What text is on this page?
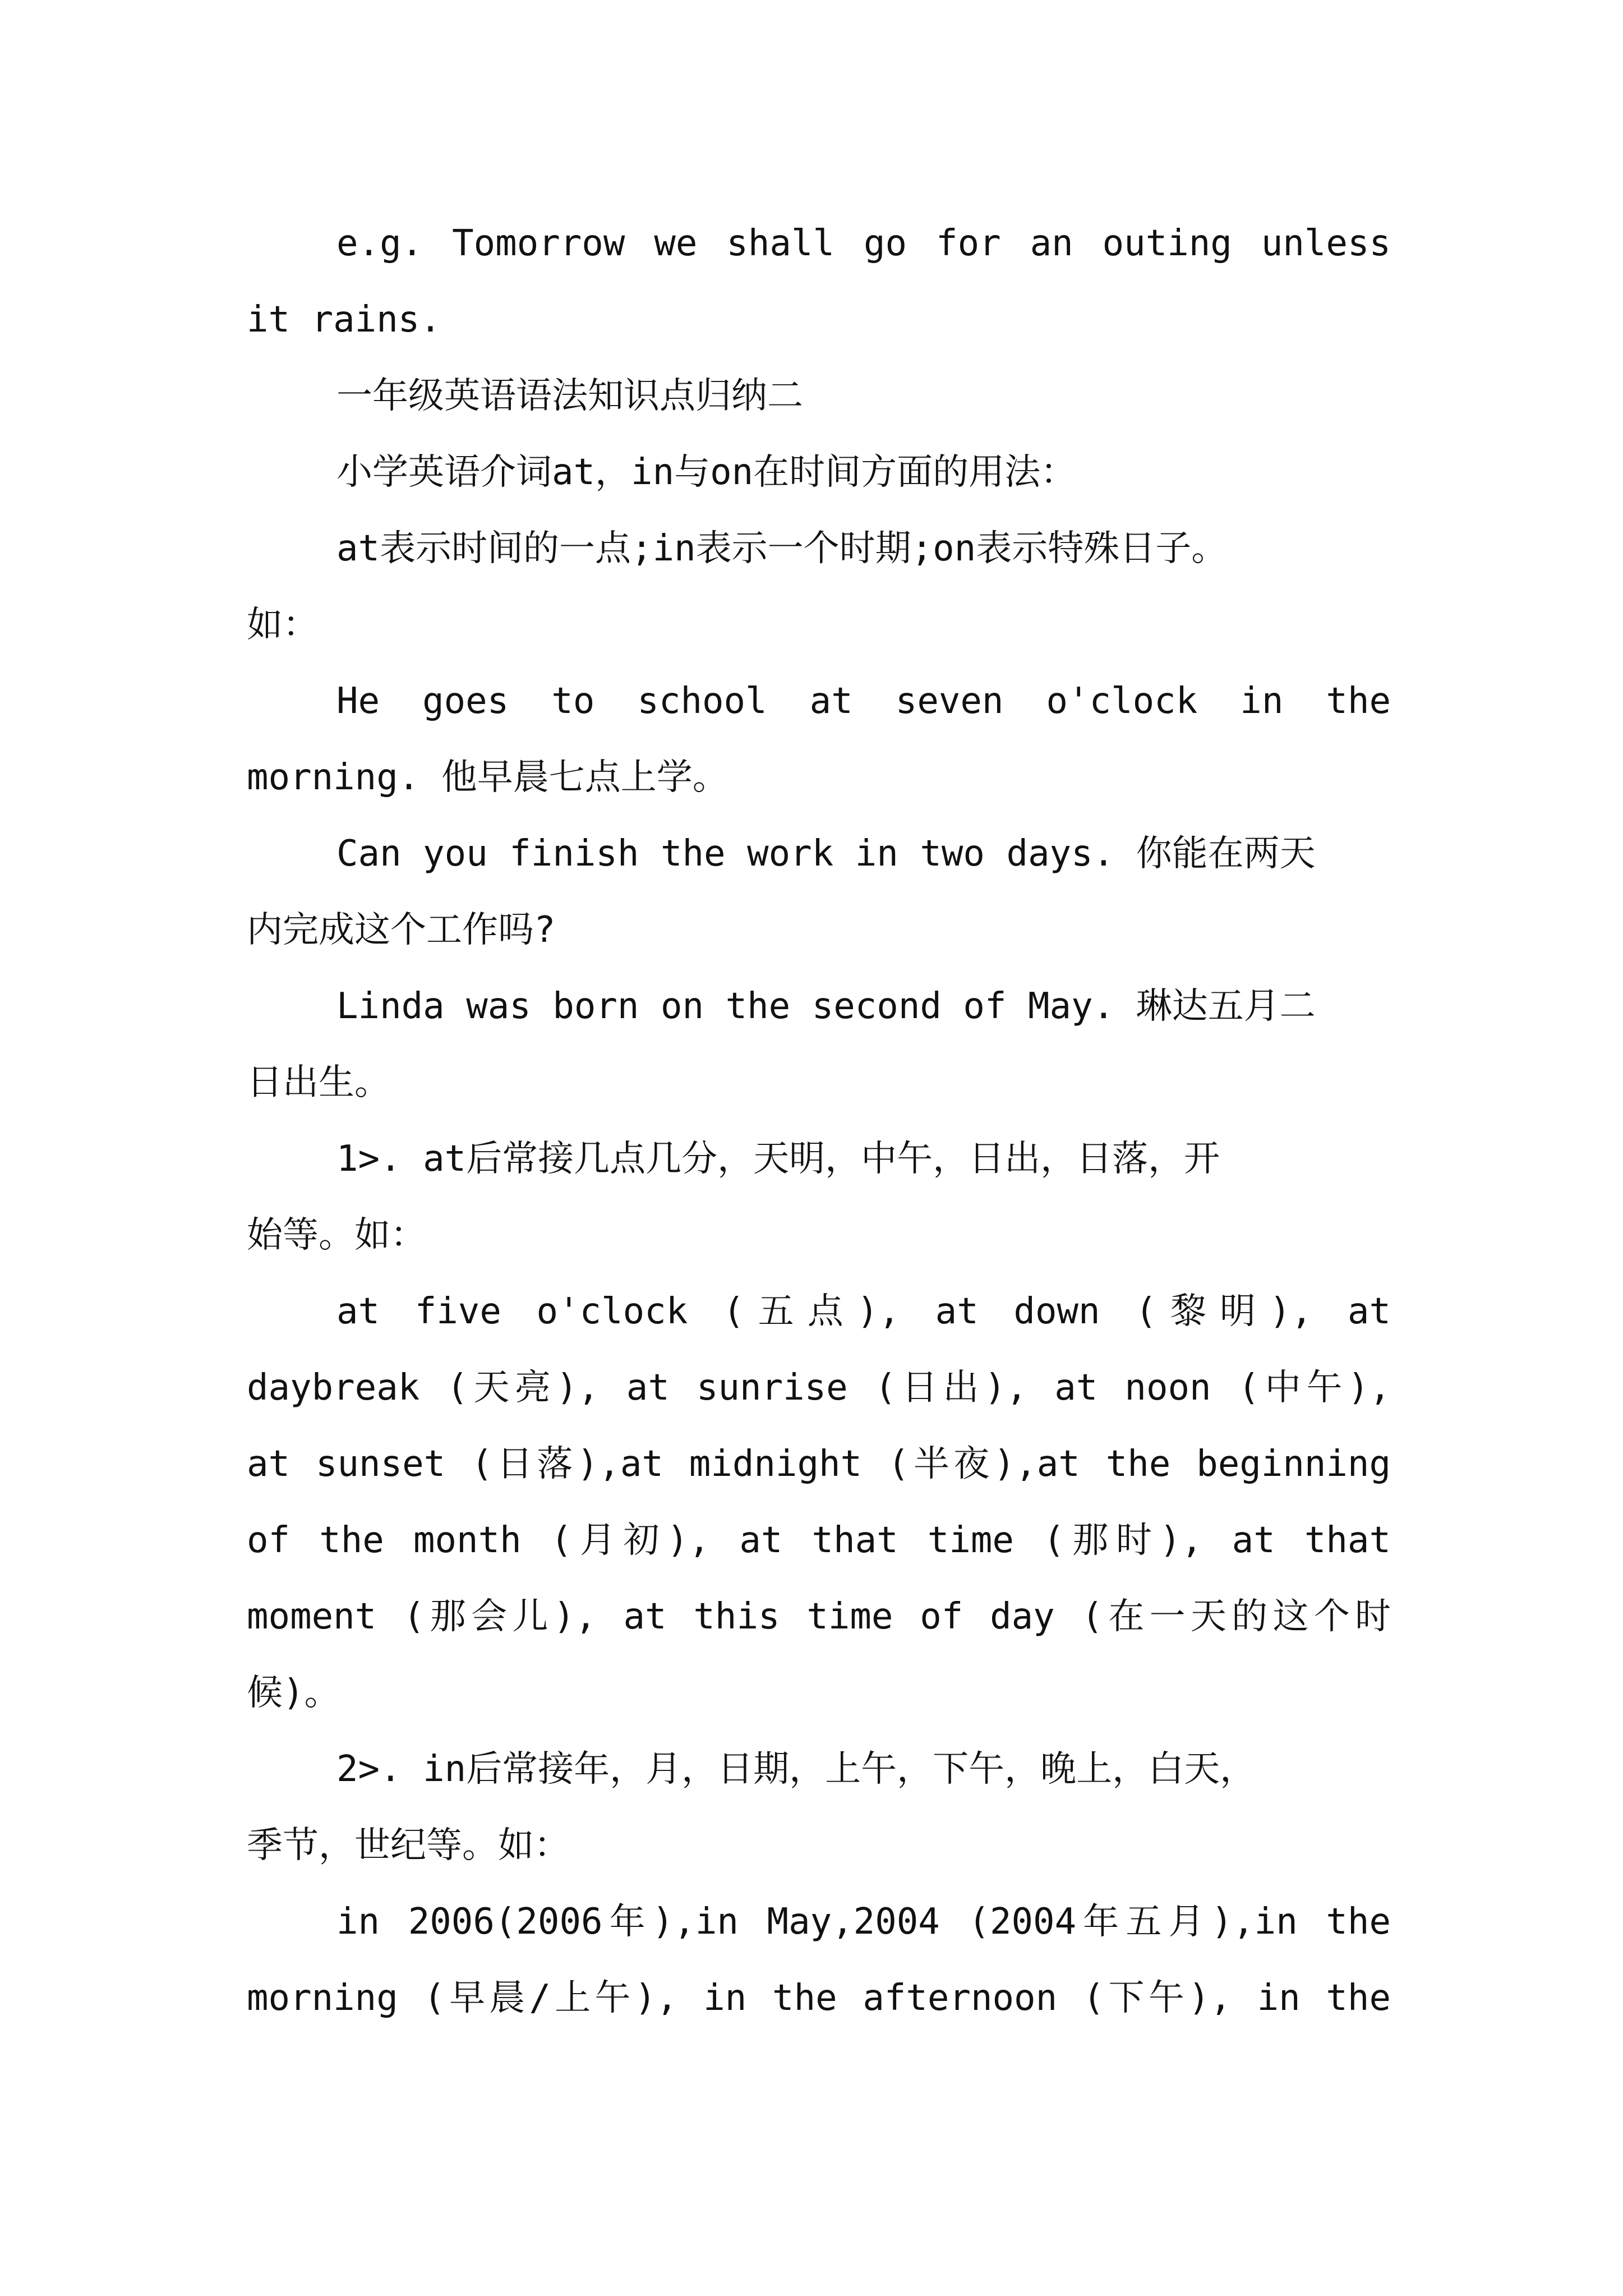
e.g. Tomorrow we shall go for an outing unless

it rains.

一年级英语语法知识点归纳二

小学英语介词at，in与on在时间方面的用法：

at表示时间的一点;in表示一个时期;on表示特殊日子。

如：

He goes to school at seven o'clock in the

morning. 他早晨七点上学。

Can you finish the work in two days. 你能在两天

内完成这个工作吗?

Linda was born on the second of May. 琳达五月二

日出生。

1>. at后常接几点几分，天明，中午，日出，日落，开

始等。如：

at five o'clock (五点), at down (黎明), at

daybreak (天亮), at sunrise (日出), at noon (中午),

at sunset (日落),at midnight (半夜),at the beginning

of the month (月初), at that time (那时), at that

moment (那会儿), at this time of day (在一天的这个时

候)。

2>. in后常接年，月，日期，上午，下午，晚上，白天，

季节，世纪等。如：

in 2006(2006年),in May,2004 (2004年五月),in the

morning (早晨/上午), in the afternoon (下午), in the
